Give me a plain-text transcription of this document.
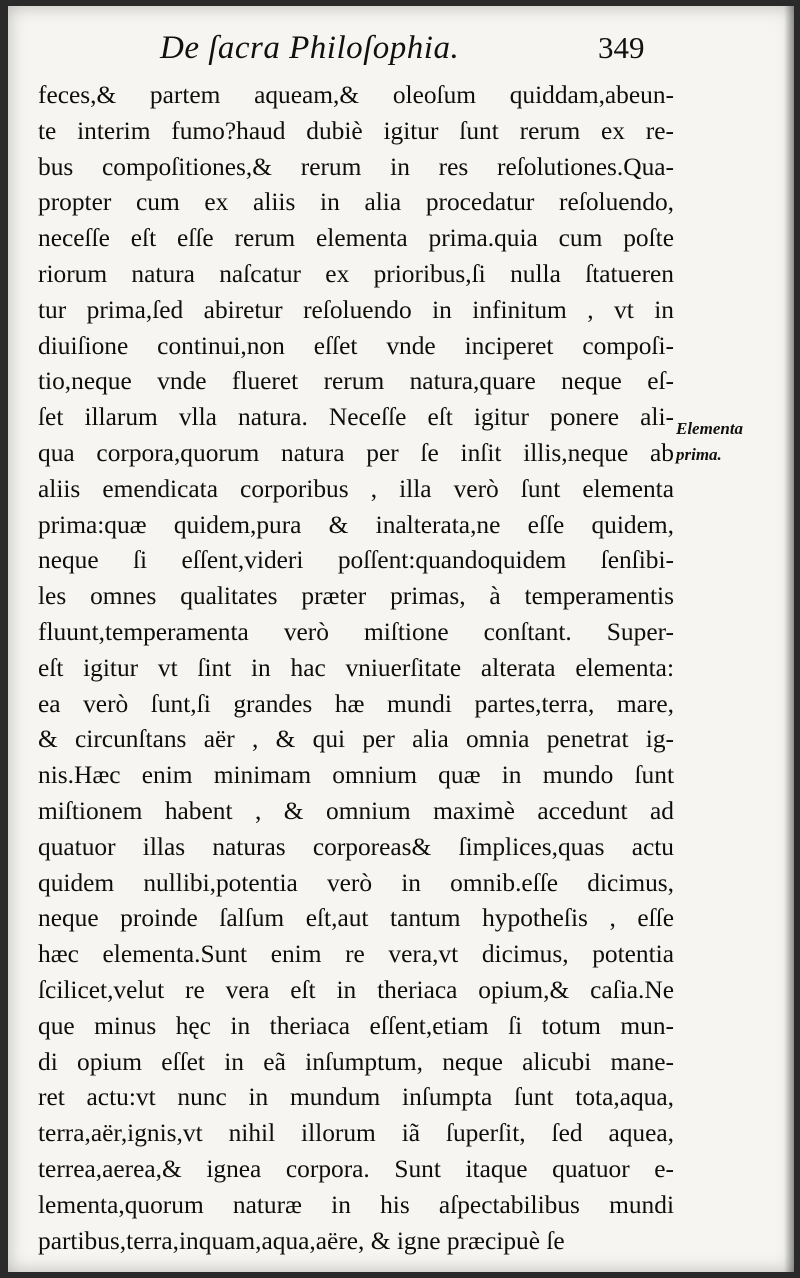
De ſacra Philoſophia.	349
feces,& partem aqueam,& oleoſum quiddam,abeun-
te interim fumo?haud dubiè igitur ſunt rerum ex re-
bus compoſitiones,& rerum in res reſolutiones.Qua-
propter cum ex aliis in alia procedatur reſoluendo,
neceſſe eſt eſſe rerum elementa prima.quia cum poſte
riorum natura naſcatur ex prioribus,ſi nulla ſtatueren
tur prima,ſed abiretur reſoluendo in infinitum , vt in
diuiſione continui,non eſſet vnde inciperet compoſi-
tio,neque vnde flueret rerum natura,quare neque eſ-
ſet illarum vlla natura. Neceſſe eſt igitur ponere ali-
qua corpora,quorum natura per ſe inſit illis,neque ab
aliis emendicata corporibus , illa verò ſunt elementa
prima:quæ quidem,pura & inalterata,ne eſſe quidem,
neque ſi eſſent,videri poſſent:quandoquidem ſenſibi-
les omnes qualitates præter primas, à temperamentis
fluunt,temperamenta verò miſtione conſtant. Super-
eſt igitur vt ſint in hac vniuerſitate alterata elementa:
ea verò ſunt,ſi grandes hæ mundi partes,terra, mare,
& circunſtans aër , & qui per alia omnia penetrat ig-
nis.Hæc enim minimam omnium quæ in mundo ſunt
miſtionem habent , & omnium maximè accedunt ad
quatuor illas naturas corporeas& ſimplices,quas actu
quidem nullibi,potentia verò in omnib.eſſe dicimus,
neque proinde ſalſum eſt,aut tantum hypotheſis , eſſe
hæc elementa.Sunt enim re vera,vt dicimus, potentia
ſcilicet,velut re vera eſt in theriaca opium,& caſia.Ne
que minus hęc in theriaca eſſent,etiam ſi totum mun-
di opium eſſet in eã inſumptum, neque alicubi mane-
ret actu:vt nunc in mundum inſumpta ſunt tota,aqua,
terra,aër,ignis,vt nihil illorum iã ſuperſit, ſed aquea,
terrea,aerea,& ignea corpora. Sunt itaque quatuor e-
lementa,quorum naturæ in his aſpectabilibus mundi
partibus,terra,inquam,aqua,aëre, & igne præcipuè ſe
Elementa
prima.
